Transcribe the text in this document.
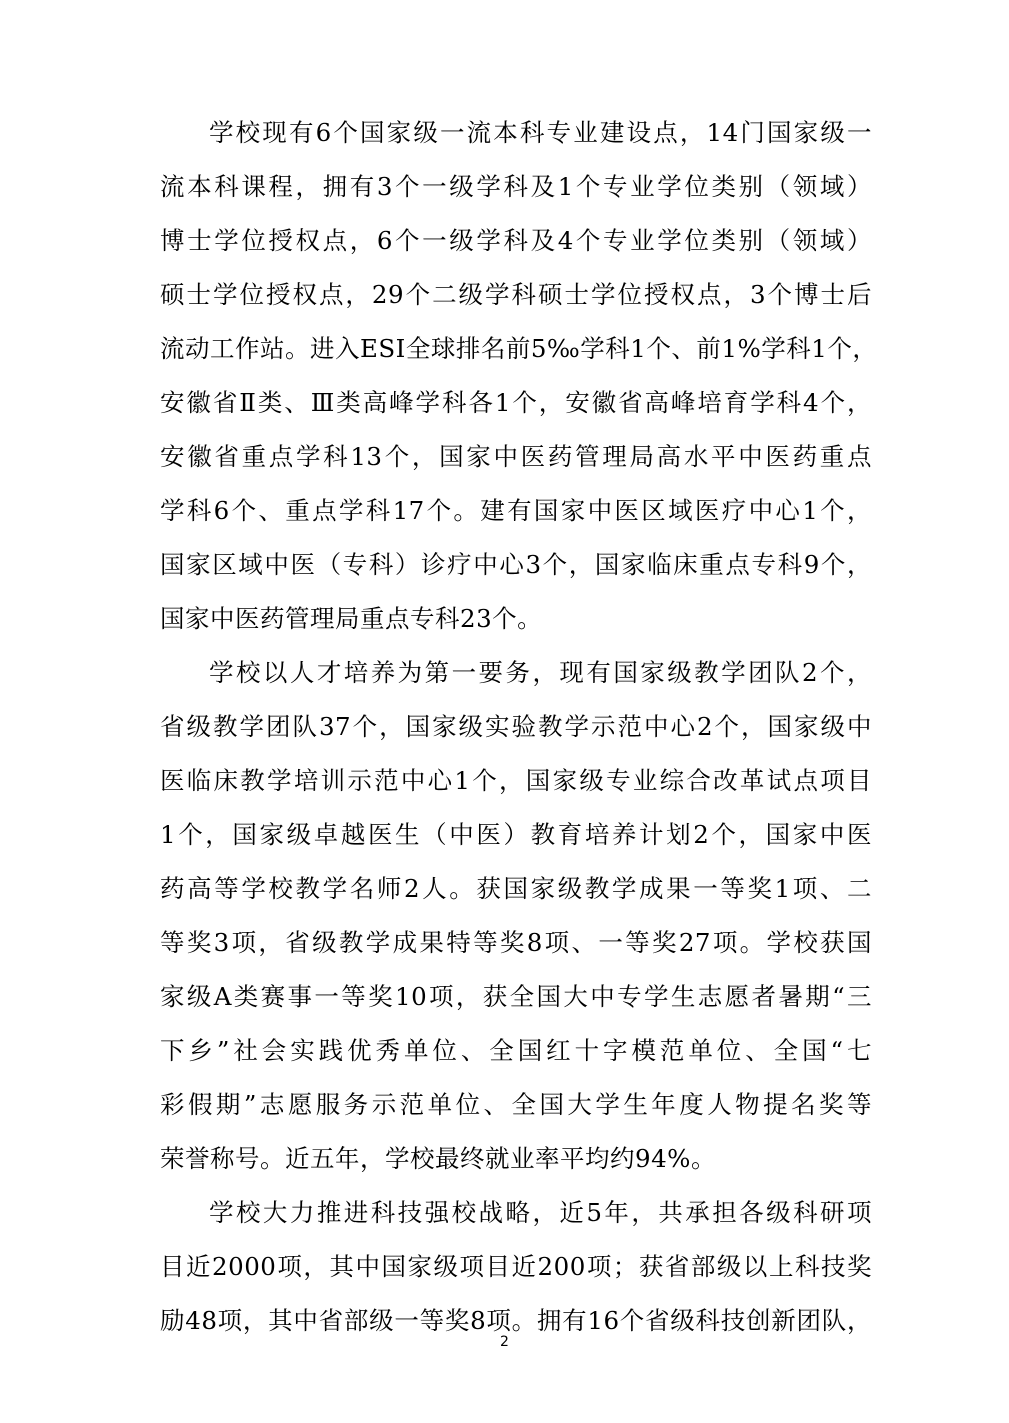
学校现有6个国家级一流本科专业建设点，14门国家级一
流本科课程，拥有3个一级学科及1个专业学位类别（领域）
博士学位授权点，6个一级学科及4个专业学位类别（领域）
硕士学位授权点，29个二级学科硕士学位授权点，3个博士后
流动工作站。进入ESI全球排名前5‰学科1个、前1%学科1个，
安徽省Ⅱ类、Ⅲ类高峰学科各1个，安徽省高峰培育学科4个，
安徽省重点学科13个，国家中医药管理局高水平中医药重点
学科6个、重点学科17个。建有国家中医区域医疗中心1个，
国家区域中医（专科）诊疗中心3个，国家临床重点专科9个，
国家中医药管理局重点专科23个。
学校以人才培养为第一要务，现有国家级教学团队2个，
省级教学团队37个，国家级实验教学示范中心2个，国家级中
医临床教学培训示范中心1个，国家级专业综合改革试点项目
1个，国家级卓越医生（中医）教育培养计划2个，国家中医
药高等学校教学名师2人。获国家级教学成果一等奖1项、二
等奖3项，省级教学成果特等奖8项、一等奖27项。学校获国
家级A类赛事一等奖10项，获全国大中专学生志愿者暑期“三
下乡”社会实践优秀单位、全国红十字模范单位、全国“七
彩假期”志愿服务示范单位、全国大学生年度人物提名奖等
荣誉称号。近五年，学校最终就业率平均约94%。
学校大力推进科技强校战略，近5年，共承担各级科研项
目近2000项，其中国家级项目近200项；获省部级以上科技奖
励48项，其中省部级一等奖8项。拥有16个省级科技创新团队，
2
